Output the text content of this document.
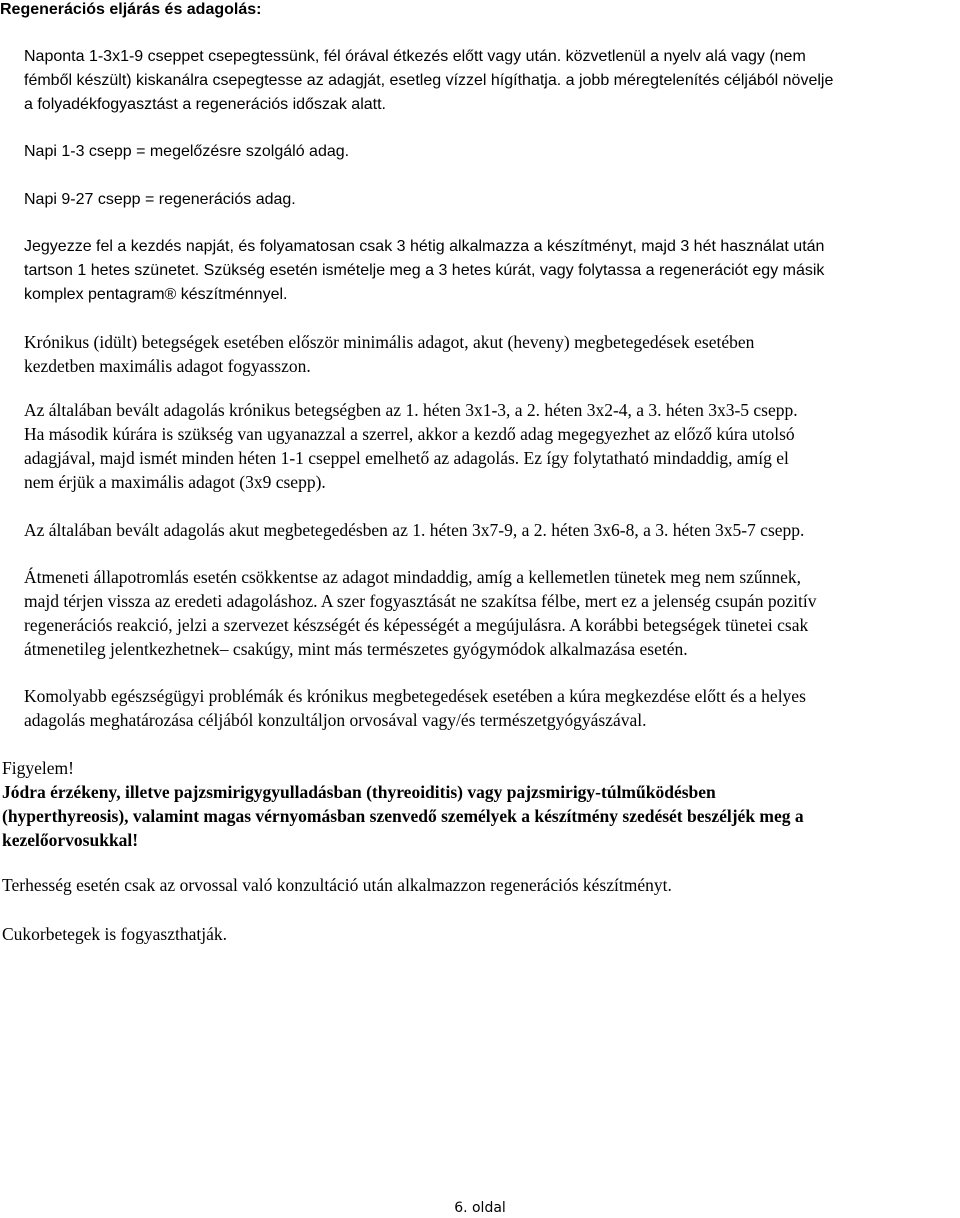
Regenerációs eljárás és adagolás:
Naponta 1-3x1-9 cseppet csepegtessünk, fél órával étkezés előtt vagy után. közvetlenül a nyelv alá vagy (nem
fémből készült) kiskanálra csepegtesse az adagját, esetleg vízzel hígíthatja. a jobb méregtelenítés céljából növelje
a folyadékfogyasztást a regenerációs időszak alatt.
Napi 1-3 csepp = megelőzésre szolgáló adag.
Napi 9-27 csepp = regenerációs adag.
Jegyezze fel a kezdés napját, és folyamatosan csak 3 hétig alkalmazza a készítményt, majd 3 hét használat után
tartson 1 hetes szünetet. Szükség esetén ismételje meg a 3 hetes kúrát, vagy folytassa a regenerációt egy másik
komplex pentagram® készítménnyel.
Krónikus (idült) betegségek esetében először minimális adagot, akut (heveny) megbetegedések esetében
kezdetben maximális adagot fogyasszon.
Az általában bevált adagolás krónikus betegségben az 1. héten 3x1-3, a 2. héten 3x2-4, a 3. héten 3x3-5 csepp.
Ha második kúrára is szükség van ugyanazzal a szerrel, akkor a kezdő adag megegyezhet az előző kúra utolsó
adagjával, majd ismét minden héten 1-1 cseppel emelhető az adagolás. Ez így folytatható mindaddig, amíg el
nem érjük a maximális adagot (3x9 csepp).
Az általában bevált adagolás akut megbetegedésben az 1. héten 3x7-9, a 2. héten 3x6-8, a 3. héten 3x5-7 csepp.
Átmeneti állapotromlás esetén csökkentse az adagot mindaddig, amíg a kellemetlen tünetek meg nem szűnnek,
majd térjen vissza az eredeti adagoláshoz. A szer fogyasztását ne szakítsa félbe, mert ez a jelenség csupán pozitív
regenerációs reakció, jelzi a szervezet készségét és képességét a megújulásra. A korábbi betegségek tünetei csak
átmenetileg jelentkezhetnek– csakúgy, mint más természetes gyógymódok alkalmazása esetén.
Komolyabb egészségügyi problémák és krónikus megbetegedések esetében a kúra megkezdése előtt és a helyes
adagolás meghatározása céljából konzultáljon orvosával vagy/és természetgyógyászával.
Figyelem!
Jódra érzékeny, illetve pajzsmirigygyulladásban (thyreoiditis) vagy pajzsmirigy-túlműködésben
(hyperthyreosis), valamint magas vérnyomásban szenvedő személyek a készítmény szedését beszéljék meg a
kezelőorvosukkal!
Terhesség esetén csak az orvossal való konzultáció után alkalmazzon regenerációs készítményt.
Cukorbetegek is fogyaszthatják.
6. oldal
